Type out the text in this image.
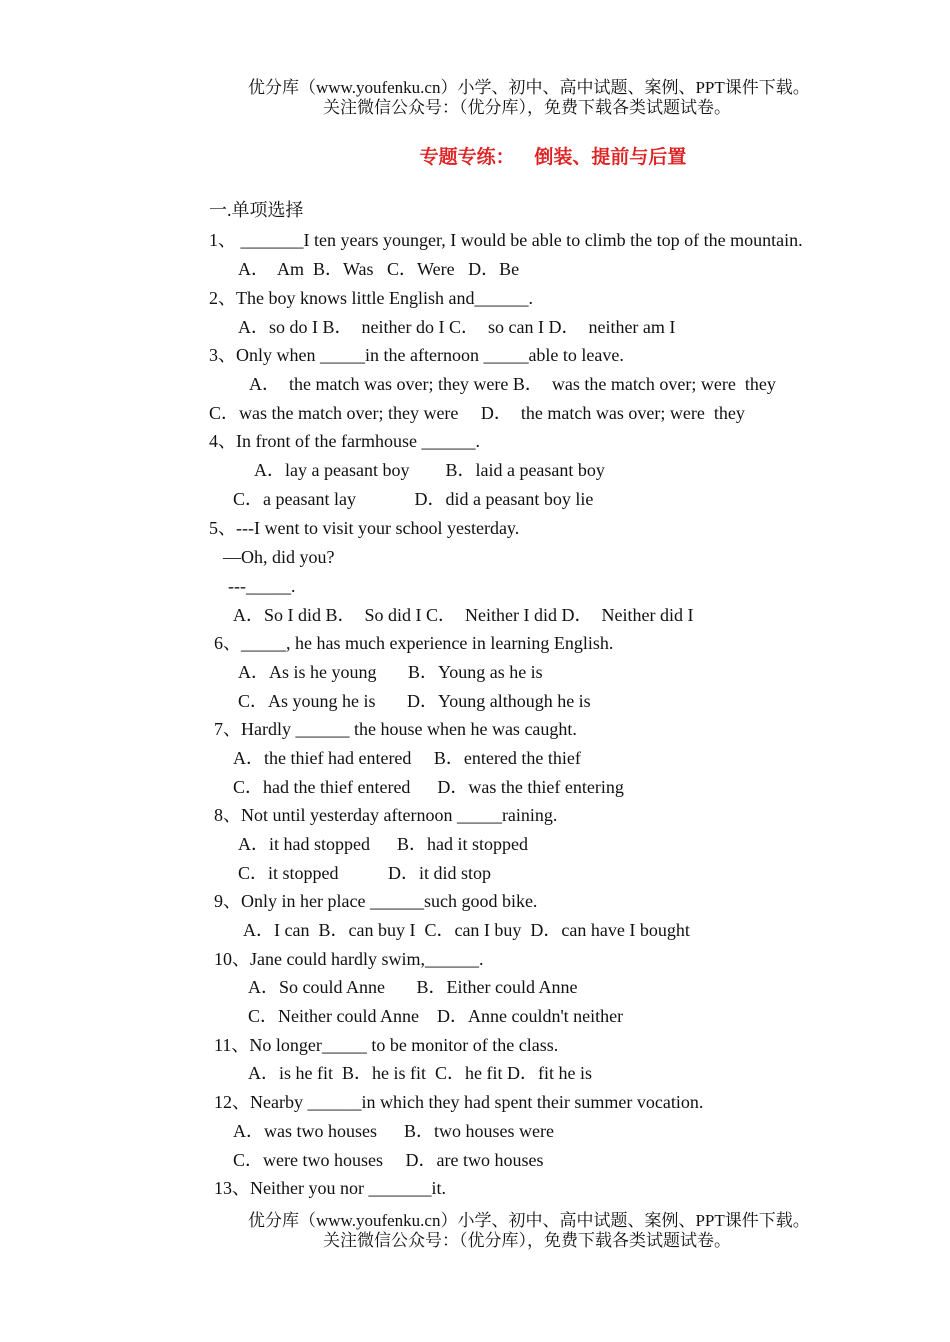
优分库（www.youfenku.cn）小学、初中、高中试题、案例、PPT课件下载。
关注微信公众号：（优分库），免费下载各类试题试卷。
专题专练：   倒装、提前与后置
一.单项选择
1、 _______I ten years younger, I would be able to climb the top of the mountain.
A．  Am  B．Was   C．Were   D．Be
2、The boy knows little English and______.
A．so do I B．  neither do I C．  so can I D．  neither am I
3、Only when _____in the afternoon _____able to leave.
A．  the match was over; they were B．  was the match over; were  they
C．was the match over; they were     D．  the match was over; were  they
4、In front of the farmhouse ______.
A．lay a peasant boy        B．laid a peasant boy
C．a peasant lay             D．did a peasant boy lie
5、---I went to visit your school yesterday.
—Oh, did you?
---_____.
A．So I did B．  So did I C．  Neither I did D．  Neither did I
6、_____, he has much experience in learning English.
A．As is he young       B．Young as he is
C．As young he is       D．Young although he is
7、Hardly ______ the house when he was caught.
A．the thief had entered     B．entered the thief
C．had the thief entered      D．was the thief entering
8、Not until yesterday afternoon _____raining.
A．it had stopped      B．had it stopped
C．it stopped           D．it did stop
9、Only in her place ______such good bike.
A．I can  B．can buy I  C．can I buy  D．can have I bought
10、Jane could hardly swim,______.
A．So could Anne       B．Either could Anne
C．Neither could Anne    D．Anne couldn't neither
11、No longer_____ to be monitor of the class.
A．is he fit  B．he is fit  C．he fit D．fit he is
12、Nearby ______in which they had spent their summer vocation.
A．was two houses      B．two houses were
C．were two houses     D．are two houses
13、Neither you nor _______it.
优分库（www.youfenku.cn）小学、初中、高中试题、案例、PPT课件下载。
关注微信公众号：（优分库），免费下载各类试题试卷。
